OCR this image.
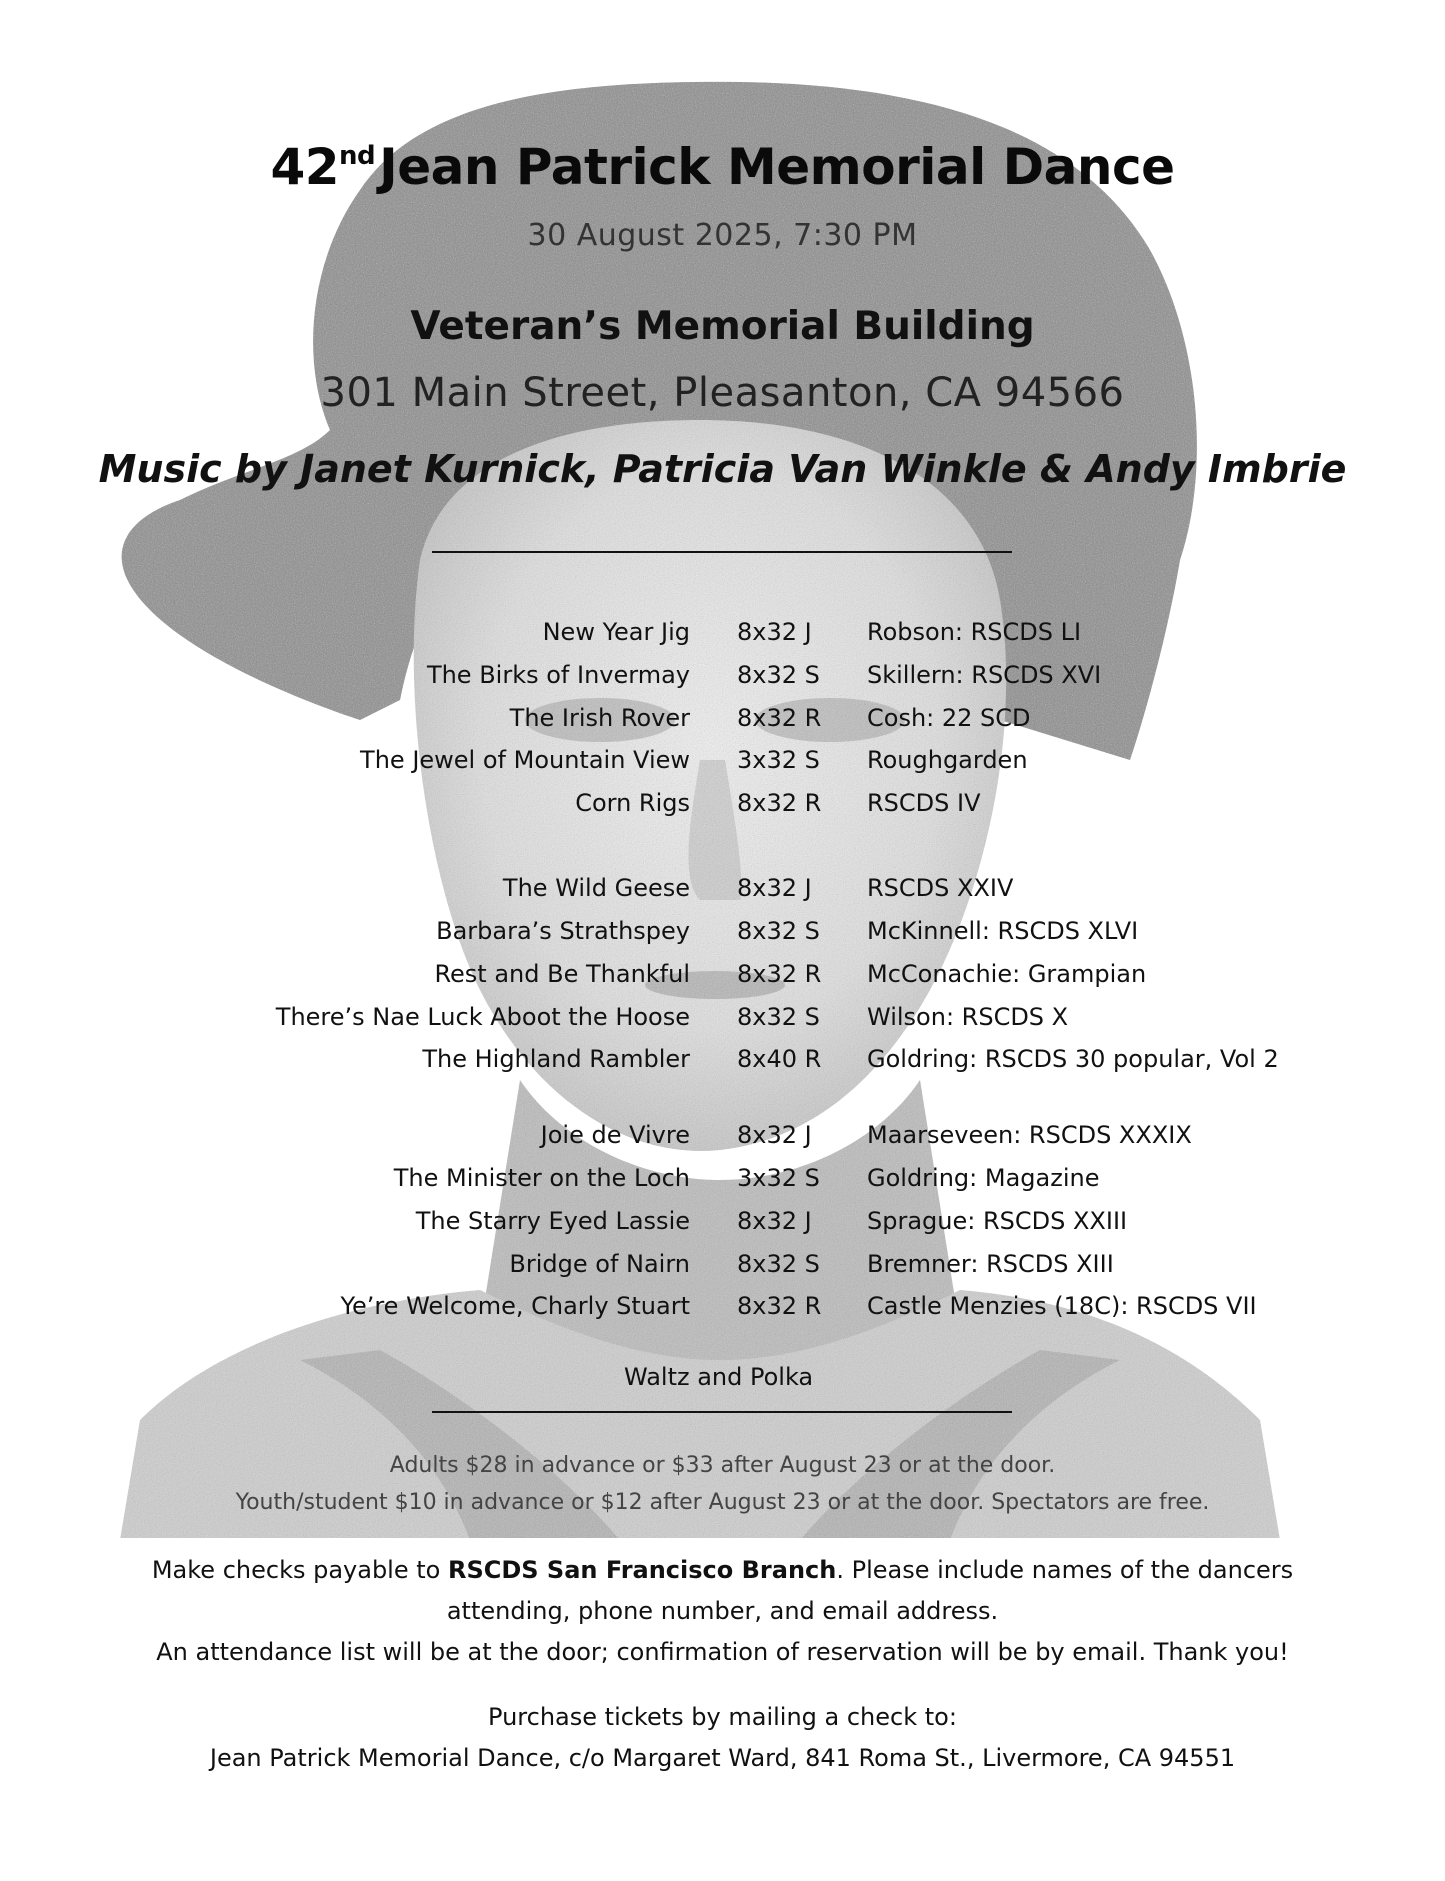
42ndJean Patrick Memorial Dance
30 August 2025, 7:30 PM
Veteran’s Memorial Building
301 Main Street, Pleasanton, CA 94566
Music by Janet Kurnick, Patricia Van Winkle & Andy Imbrie
New Year Jig 8x32 J Robson: RSCDS LI
The Birks of Invermay 8x32 S Skillern: RSCDS XVI
The Irish Rover 8x32 R Cosh: 22 SCD
The Jewel of Mountain View 3x32 S Roughgarden
Corn Rigs 8x32 R RSCDS IV
The Wild Geese 8x32 J RSCDS XXIV
Barbara’s Strathspey 8x32 S McKinnell: RSCDS XLVI
Rest and Be Thankful 8x32 R McConachie: Grampian
There’s Nae Luck Aboot the Hoose 8x32 S Wilson: RSCDS X
The Highland Rambler 8x40 R Goldring: RSCDS 30 popular, Vol 2
Joie de Vivre 8x32 J Maarseveen: RSCDS XXXIX
The Minister on the Loch 3x32 S Goldring: Magazine
The Starry Eyed Lassie 8x32 J Sprague: RSCDS XXIII
Bridge of Nairn 8x32 S Bremner: RSCDS XIII
Ye’re Welcome, Charly Stuart 8x32 R Castle Menzies (18C): RSCDS VII
Waltz and Polka
Adults $28 in advance or $33 after August 23 or at the door.
Youth/student $10 in advance or $12 after August 23 or at the door. Spectators are free.
Make checks payable to RSCDS San Francisco Branch. Please include names of the dancers
attending, phone number, and email address.
An attendance list will be at the door; confirmation of reservation will be by email. Thank you!
Purchase tickets by mailing a check to:
Jean Patrick Memorial Dance, c/o Margaret Ward, 841 Roma St., Livermore, CA 94551
